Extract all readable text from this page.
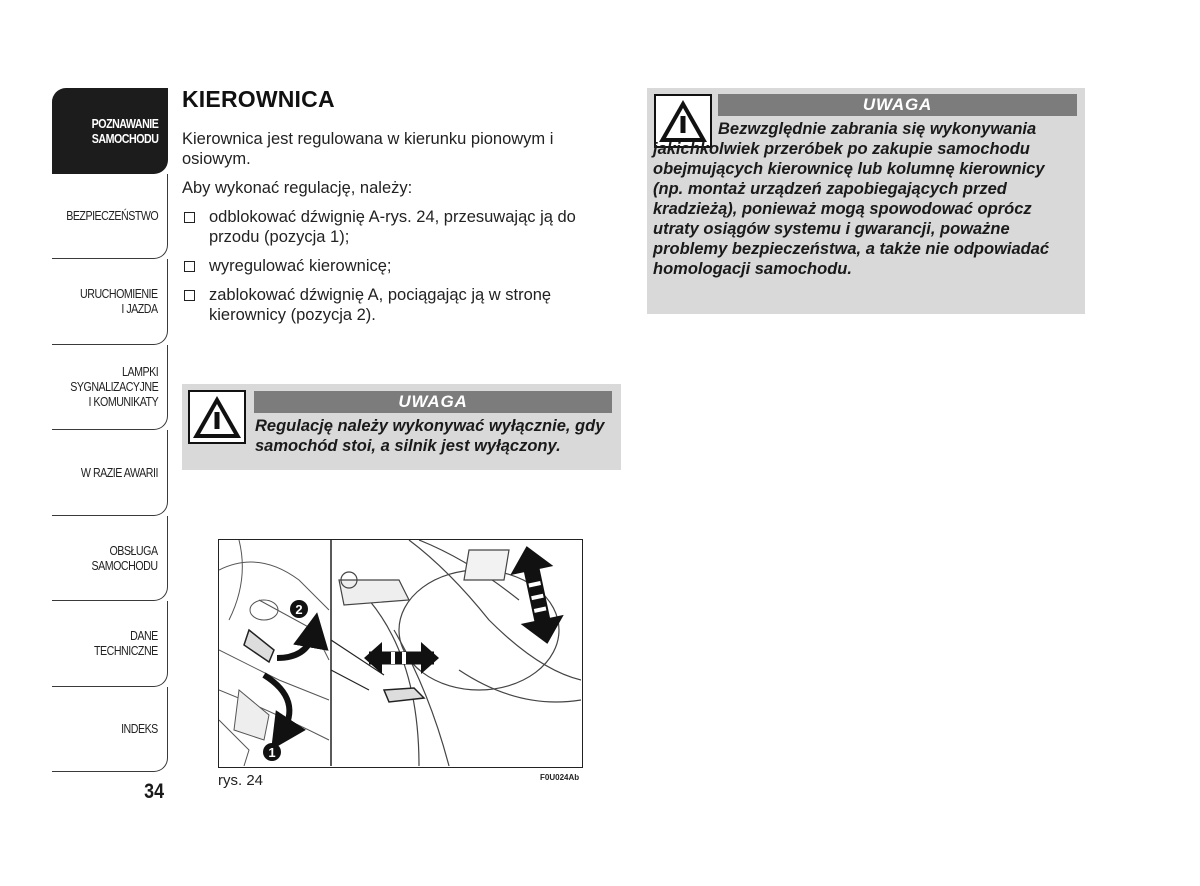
POZNAWANIE
SAMOCHODU
BEZPIECZEŃSTWO
URUCHOMIENIE
I JAZDA
LAMPKI
SYGNALIZACYJNE
I KOMUNIKATY
W RAZIE AWARII
OBSŁUGA
SAMOCHODU
DANE
TECHNICZNE
INDEKS
34
KIEROWNICA

Kierownica jest regulowana w kierunku pionowym i osiowym.

Aby wykonać regulację, należy:

odblokować dźwignię A-rys. 24, przesuwając ją do przodu (pozycja 1);
wyregulować kierownicę;
zablokować dźwignię A, pociągając ją w stronę kierownicy (pozycja 2).
UWAGA
Regulację należy wykonywać wyłącznie, gdy samochód stoi, a silnik jest wyłączony.
UWAGA
Bezwzględnie zabrania się wykonywania jakichkolwiek przeróbek po zakupie samochodu obejmujących kierownicę lub kolumnę kierownicy (np. montaż urządzeń zapobiegających przed kradzieżą), ponieważ mogą spowodować oprócz utraty osiągów systemu i gwarancji, poważne problemy bezpieczeństwa, a także nie odpowiadać homologacji samochodu.
2
1
rys. 24	F0U024Ab
